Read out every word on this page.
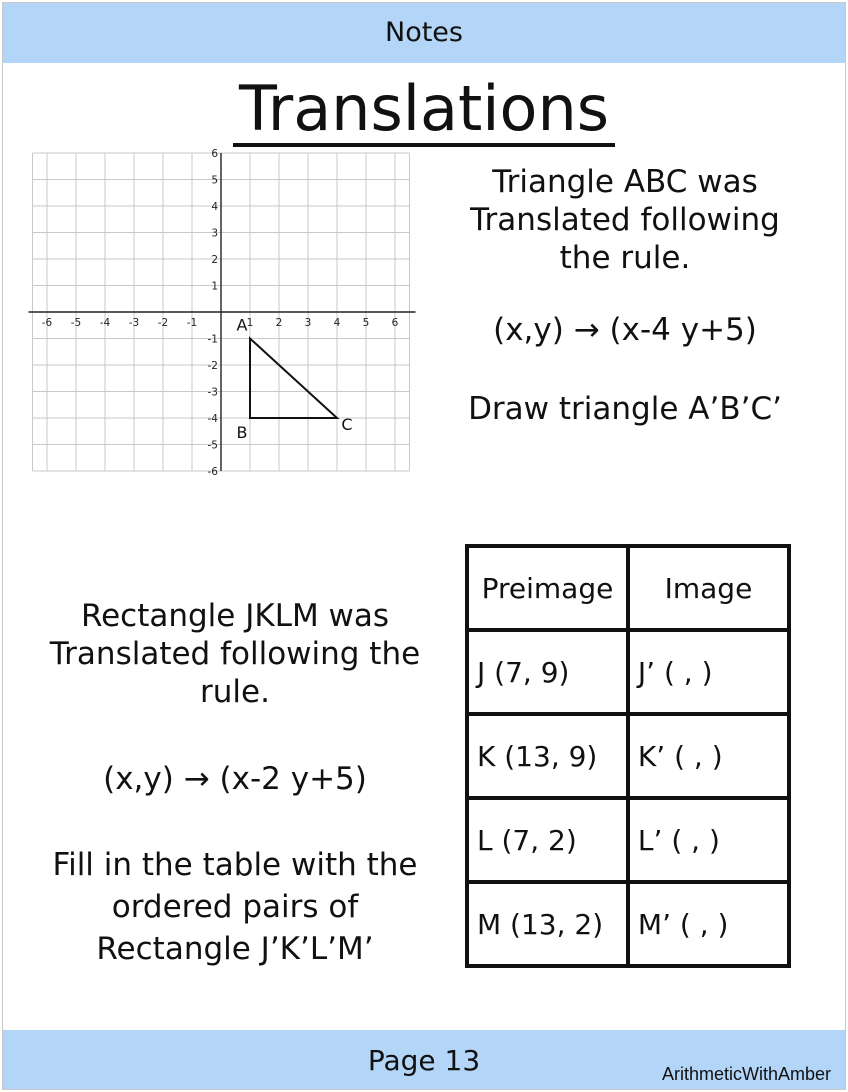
Notes
Translations
-6 -5 -4 -3 -2 -1	1 2 3 4 5 6
6
5
4
3
2
1
-1
-2
-3
-4
-5
-6
A
B	C
Triangle ABC was Translated following the rule.
(x,y) → (x-4 y+5)
Draw triangle A’B’C’
Preimage	Image
J (7, 9)	J’ ( , )
K (13, 9)	K’ ( , )
L (7, 2)	L’ ( , )
M (13, 2)	M’ ( , )
Rectangle JKLM was Translated following the rule.
(x,y) → (x-2 y+5)
Fill in the table with the ordered pairs of Rectangle J’K’L’M’
Page 13	ArithmeticWithAmber
